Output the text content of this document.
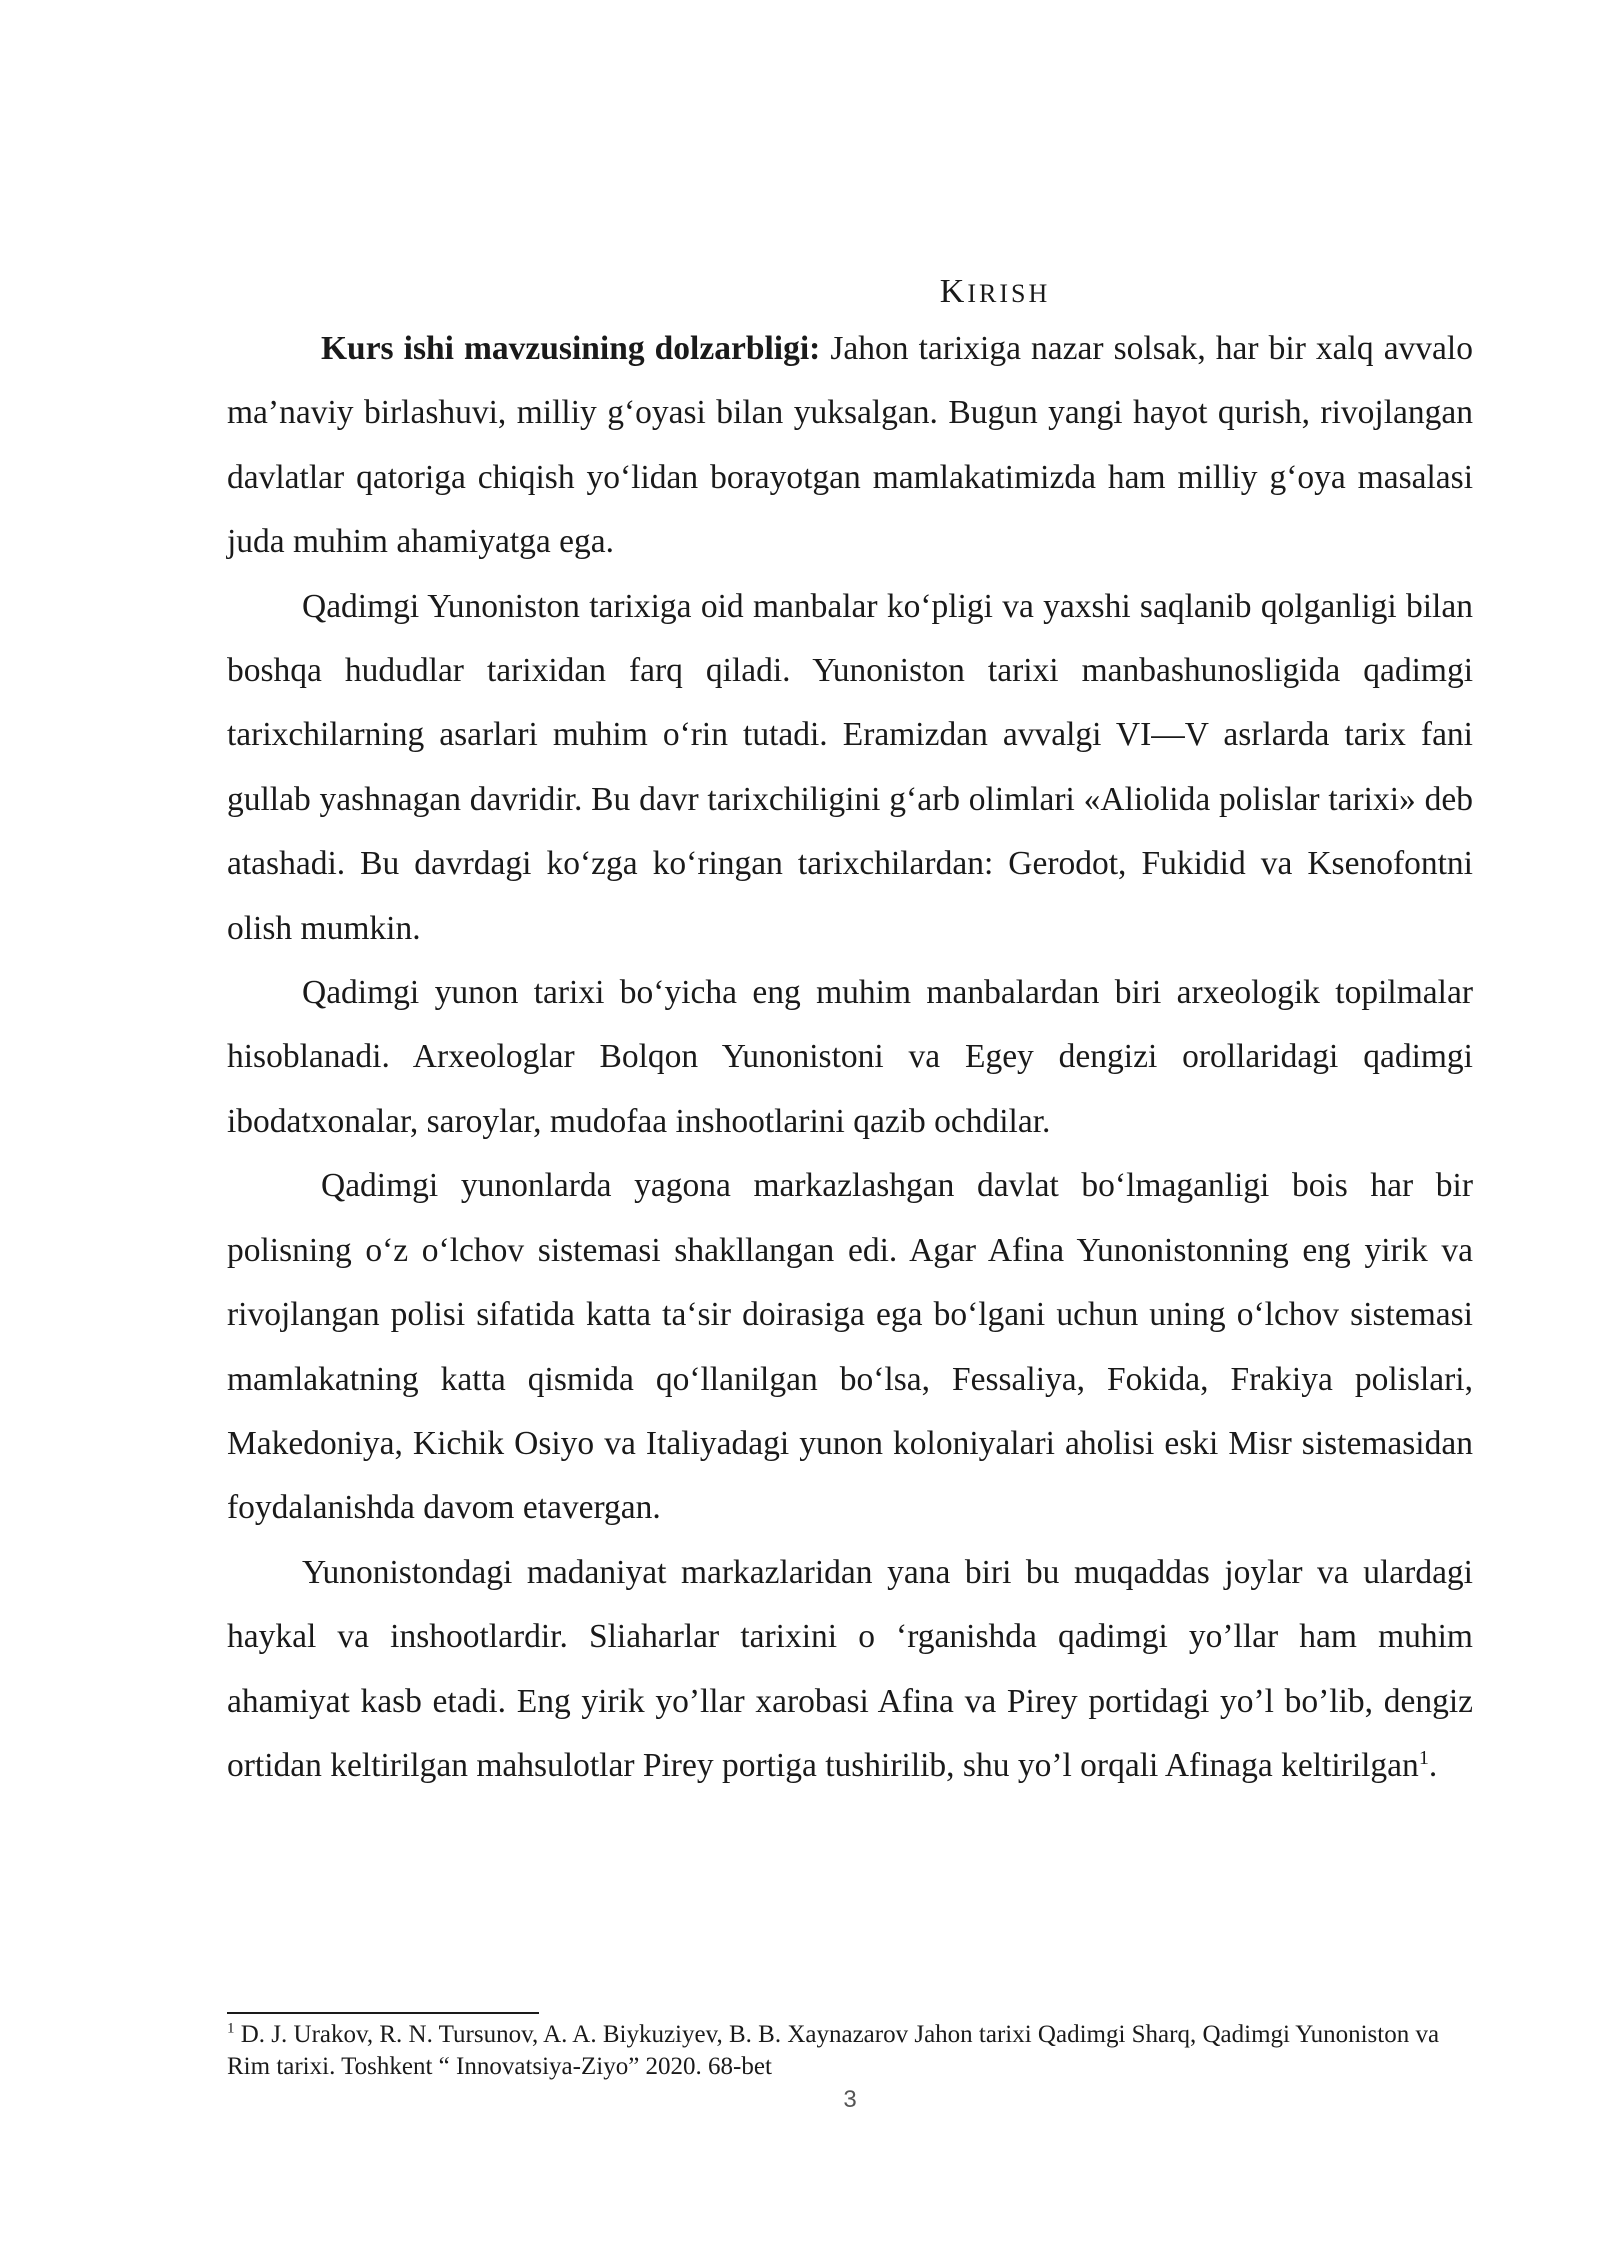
KIRISH

Kurs ishi mavzusining dolzarbligi: Jahon tarixiga nazar solsak, har bir xalq avvalo ma’naviy birlashuvi, milliy g‘oyasi bilan yuksalgan. Bugun yangi hayot qurish, rivojlangan davlatlar qatoriga chiqish yo‘lidan borayotgan mamlakatimizda ham milliy g‘oya masalasi juda muhim ahamiyatga ega.

Qadimgi Yunoniston tarixiga oid manbalar ko‘pligi va yaxshi saqlanib qolganligi bilan boshqa hududlar tarixidan farq qiladi. Yunoniston tarixi manbashunosligida qadimgi tarixchilarning asarlari muhim o‘rin tutadi. Eramizdan avvalgi VI—V asrlarda tarix fani gullab yashnagan davridir. Bu davr tarixchiligini g‘arb olimlari «Aliolida polislar tarixi» deb atashadi. Bu davrdagi ko‘zga ko‘ringan tarixchilardan: Gerodot, Fukidid va Ksenofontni olish mumkin.

Qadimgi yunon tarixi bo‘yicha eng muhim manbalardan biri arxeologik topilmalar hisoblanadi. Arxeologlar Bolqon Yunonistoni va Egey dengizi orollaridagi qadimgi ibodatxonalar, saroylar, mudofaa inshootlarini qazib ochdilar.

Qadimgi yunonlarda yagona markazlashgan davlat bo‘lmaganligi bois har bir polisning o‘z o‘lchov sistemasi shakllangan edi. Agar Afina Yunonistonning eng yirik va rivojlangan polisi sifatida katta ta‘sir doirasiga ega bo‘lgani uchun uning o‘lchov sistemasi mamlakatning katta qismida qo‘llanilgan bo‘lsa, Fessaliya, Fokida, Frakiya polislari, Makedoniya, Kichik Osiyo va Italiyadagi yunon koloniyalari aholisi eski Misr sistemasidan foydalanishda davom etavergan.

Yunonistondagi madaniyat markazlaridan yana biri bu muqaddas joylar va ulardagi haykal va inshootlardir. Sliaharlar tarixini o ‘rganishda qadimgi yo’llar ham muhim ahamiyat kasb etadi. Eng yirik yo’llar xarobasi Afina va Pirey portidagi yo’l bo’lib, dengiz ortidan keltirilgan mahsulotlar Pirey portiga tushirilib, shu yo’l orqali Afinaga keltirilgan$^1$.

$^1$ D. J. Urakov, R. N. Tursunov, A. A. Biykuziyev, B. B. Xaynazarov Jahon tarixi Qadimgi Sharq, Qadimgi Yunoniston va Rim tarixi. Toshkent “ Innovatsiya-Ziyo” 2020. 68-bet
3
